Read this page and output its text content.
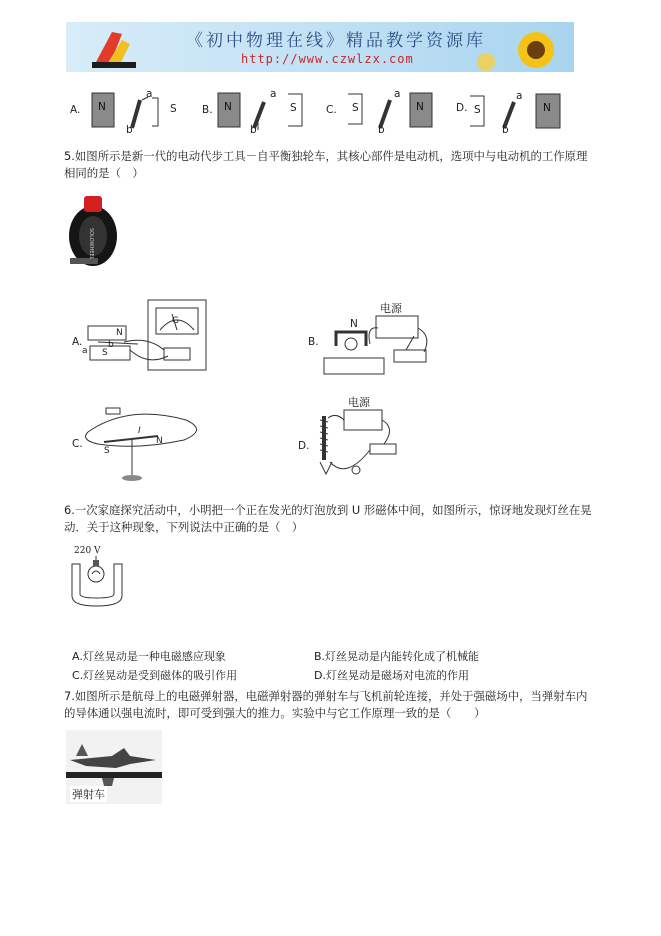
《初中物理在线》精品教学资源库
http://www.czwlzx.com
A. N	S
a
b
B. N	S
a
b
C. S	N
a
b
D. S	N
a
b
5.如图所示是新一代的电动代步工具－自平衡独轮车，其核心部件是电动机，选项中与电动机的工作原理
相同的是（　）
SOLOWHEEL
A.
N
S
a
b
G
B.
电源
N
C.
S
N
I
D.
电源
6.一次家庭探究活动中，小明把一个正在发光的灯泡放到 U 形磁体中间，如图所示，惊讶地发现灯丝在晃
动．关于这种现象，下列说法中正确的是（　）
220 V
A.灯丝晃动是一种电磁感应现象	B.灯丝晃动是内能转化成了机械能
C.灯丝晃动是受到磁体的吸引作用	D.灯丝晃动是磁场对电流的作用
7.如图所示是航母上的电磁弹射器，电磁弹射器的弹射车与飞机前轮连接，并处于强磁场中，当弹射车内
的导体通以强电流时，即可受到强大的推力。实验中与它工作原理一致的是（　　）
弹射车
